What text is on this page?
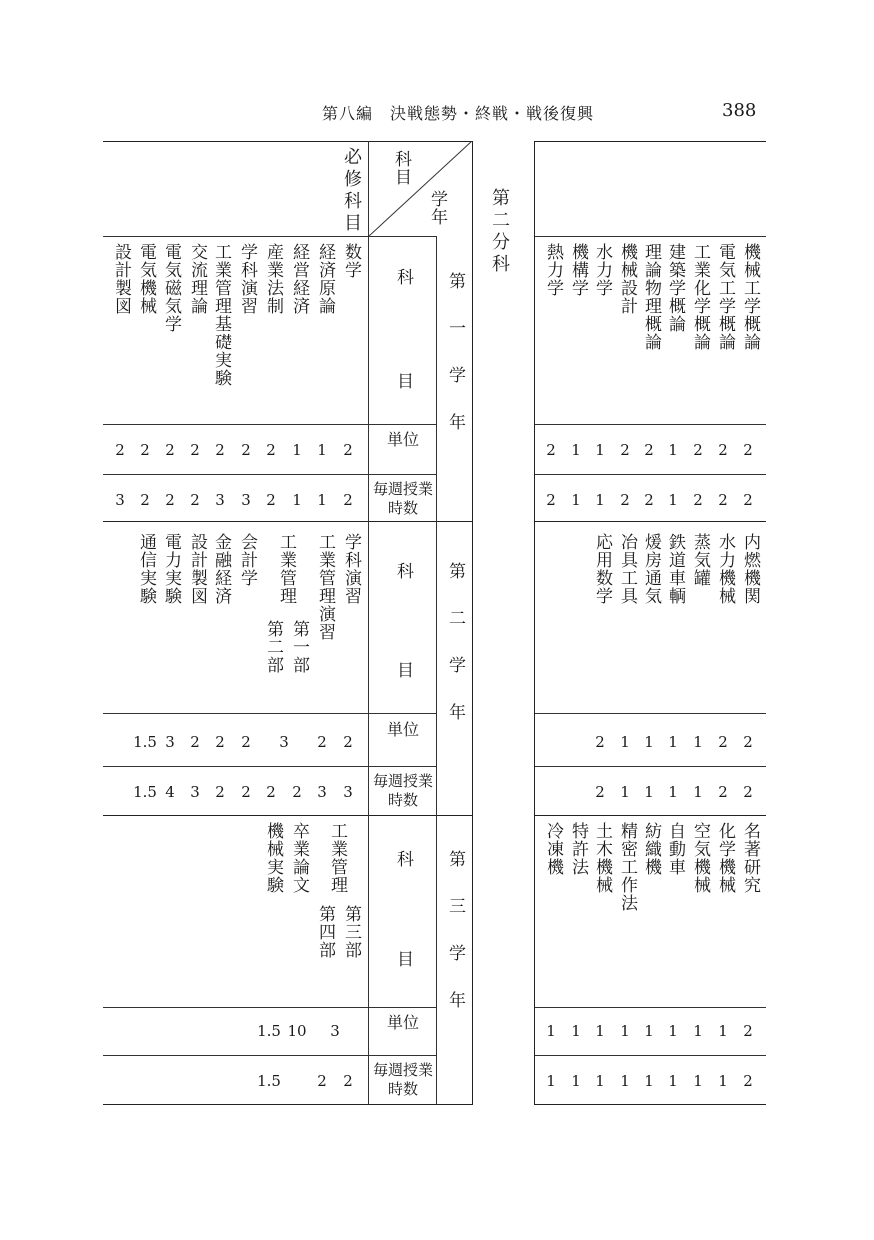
第八編　決戦態勢・終戦・戦後復興	388
科目
学年
必修科目	第二分科
第一学年
科
目
単位
毎週授業時数
数学
経済原論
経営経済
産業法制
学科演習
工業管理基礎実験
交流理論
電気磁気学
電気機械
設計製図
2
1
1
2
2
2
2
2
2
2
2
1
1
2
3
3
2
2
2
3
第二学年
科
目
単位
毎週授業時数
学科演習
工業管理演習
第一部
工業管理
第二部
会計学
金融経済
設計製図
電力実験
通信実験
2
2
3
2
2
2
3
1.5
3
3
2
2
2
2
3
4
1.5
第三学年
科
目
単位
毎週授業時数
工業管理
第三部
第四部
卒業論文
機械実験
3
10
1.5
2
2
1.5
機械工学概論
電気工学概論
工業化学概論
建築学概論
理論物理概論
機械設計
水力学
機構学
熱力学
2
2
2
1
2
2
1
1
2
2
2
2
1
2
2
1
1
2
内燃機関
水力機械
蒸気罐
鉄道車輌
煖房通気
冶具工具
応用数学
2
2
1
1
1
1
2
2
2
1
1
1
1
2
名著研究
化学機械
空気機械
自動車
紡織機
精密工作法
土木機械
特許法
冷凍機
2
1
1
1
1
1
1
1
1
2
1
1
1
1
1
1
1
1
